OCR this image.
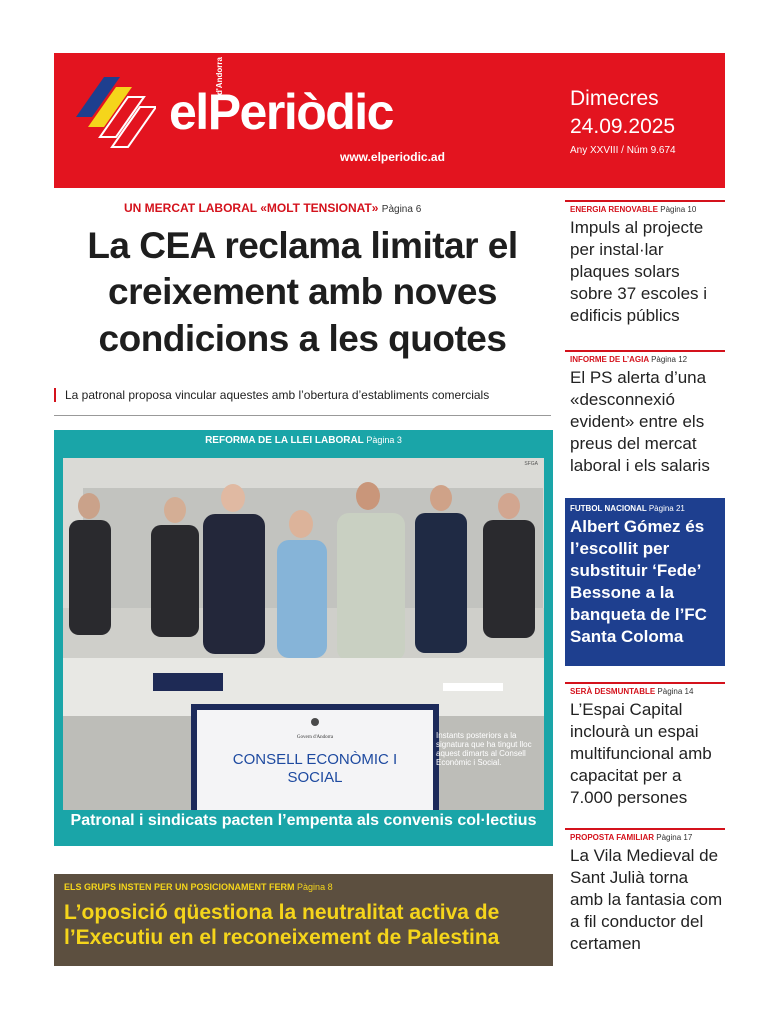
elPeriòdic
d'Andorra
www.elperiodic.ad
Dimecres
24.09.2025
Any XXVIII / Núm 9.674
UN MERCAT LABORAL «MOLT TENSIONAT» Pàgina 6
La CEA reclama limitar el creixement amb noves condicions a les quotes
La patronal proposa vincular aquestes amb l’obertura d’establiments comercials
REFORMA DE LA LLEI LABORAL Pàgina 3
Govern d'Andorra
SFGA
CONSELL ECONÒMIC I SOCIAL
Instants posteriors a la signatura que ha tingut lloc aquest dimarts al Consell Econòmic i Social.
Patronal i sindicats pacten l’empenta als convenis col·lectius
ELS GRUPS INSTEN PER UN POSICIONAMENT FERM Pàgina 8
L’oposició qüestiona la neutralitat activa de l’Executiu en el reconeixement de Palestina
ENERGIA RENOVABLE Pàgina 10
Impuls al projecte per instal·lar plaques solars sobre 37 escoles i edificis públics
INFORME DE L’AGIA Pàgina 12
El PS alerta d’una «desconnexió evident» entre els preus del mercat laboral i els salaris
FUTBOL NACIONAL Pàgina 21
Albert Gómez és l’escollit per substituir ‘Fede’ Bessone a la banqueta de l’FC Santa Coloma
SERÀ DESMUNTABLE Pàgina 14
L’Espai Capital inclourà un espai multifuncional amb capacitat per a 7.000 persones
PROPOSTA FAMILIAR Pàgina 17
La Vila Medieval de Sant Julià torna amb la fantasia com a fil conductor del certamen
